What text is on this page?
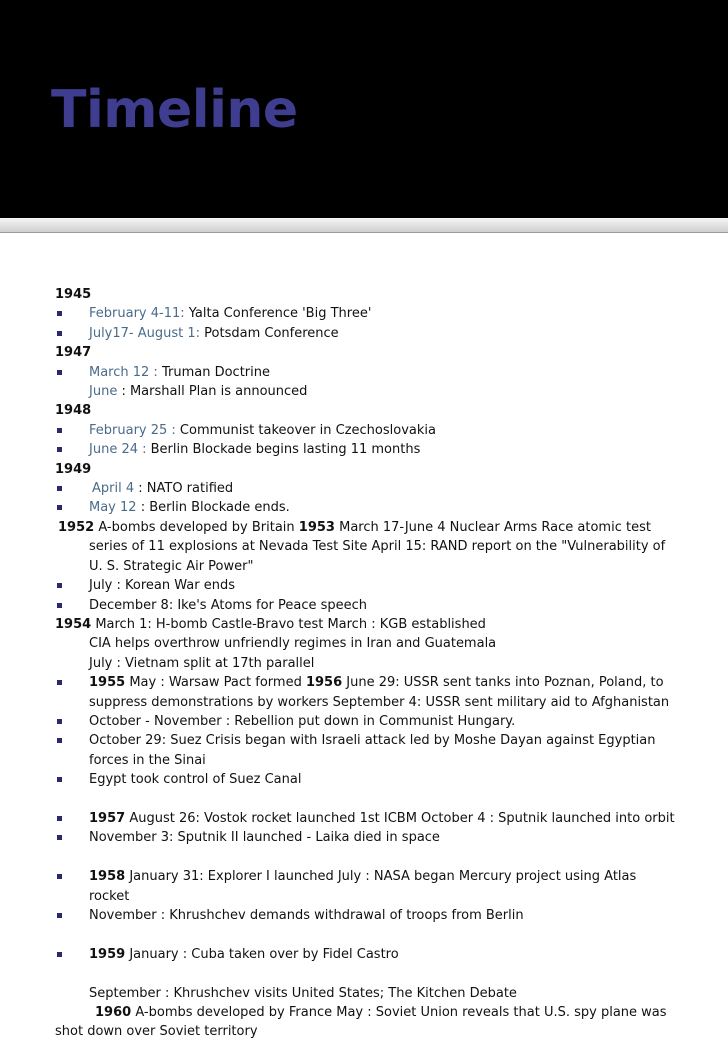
Timeline
1945
February 4-11: Yalta Conference 'Big Three'
July17- August 1: Potsdam Conference
1947
March 12 : Truman Doctrine
June : Marshall Plan is announced
1948
February 25 : Communist takeover in Czechoslovakia
June 24 : Berlin Blockade begins lasting 11 months
1949
April 4 : NATO ratified
May 12 : Berlin Blockade ends.
1952 A-bombs developed by Britain 1953 March 17-June 4 Nuclear Arms Race atomic test
series of 11 explosions at Nevada Test Site April 15: RAND report on the "Vulnerability of
U. S. Strategic Air Power"
July : Korean War ends
December 8: Ike's Atoms for Peace speech
1954 March 1: H-bomb Castle-Bravo test March : KGB established
CIA helps overthrow unfriendly regimes in Iran and Guatemala
July : Vietnam split at 17th parallel
1955 May : Warsaw Pact formed 1956 June 29: USSR sent tanks into Poznan, Poland, to
suppress demonstrations by workers September 4: USSR sent military aid to Afghanistan
October - November : Rebellion put down in Communist Hungary.
October 29: Suez Crisis began with Israeli attack led by Moshe Dayan against Egyptian
forces in the Sinai
Egypt took control of Suez Canal
1957 August 26: Vostok rocket launched 1st ICBM October 4 : Sputnik launched into orbit
November 3: Sputnik II launched - Laika died in space
1958 January 31: Explorer I launched July : NASA began Mercury project using Atlas
rocket
November : Khrushchev demands withdrawal of troops from Berlin
1959 January : Cuba taken over by Fidel Castro
September : Khrushchev visits United States; The Kitchen Debate
1960 A-bombs developed by France May : Soviet Union reveals that U.S. spy plane was
shot down over Soviet territory
